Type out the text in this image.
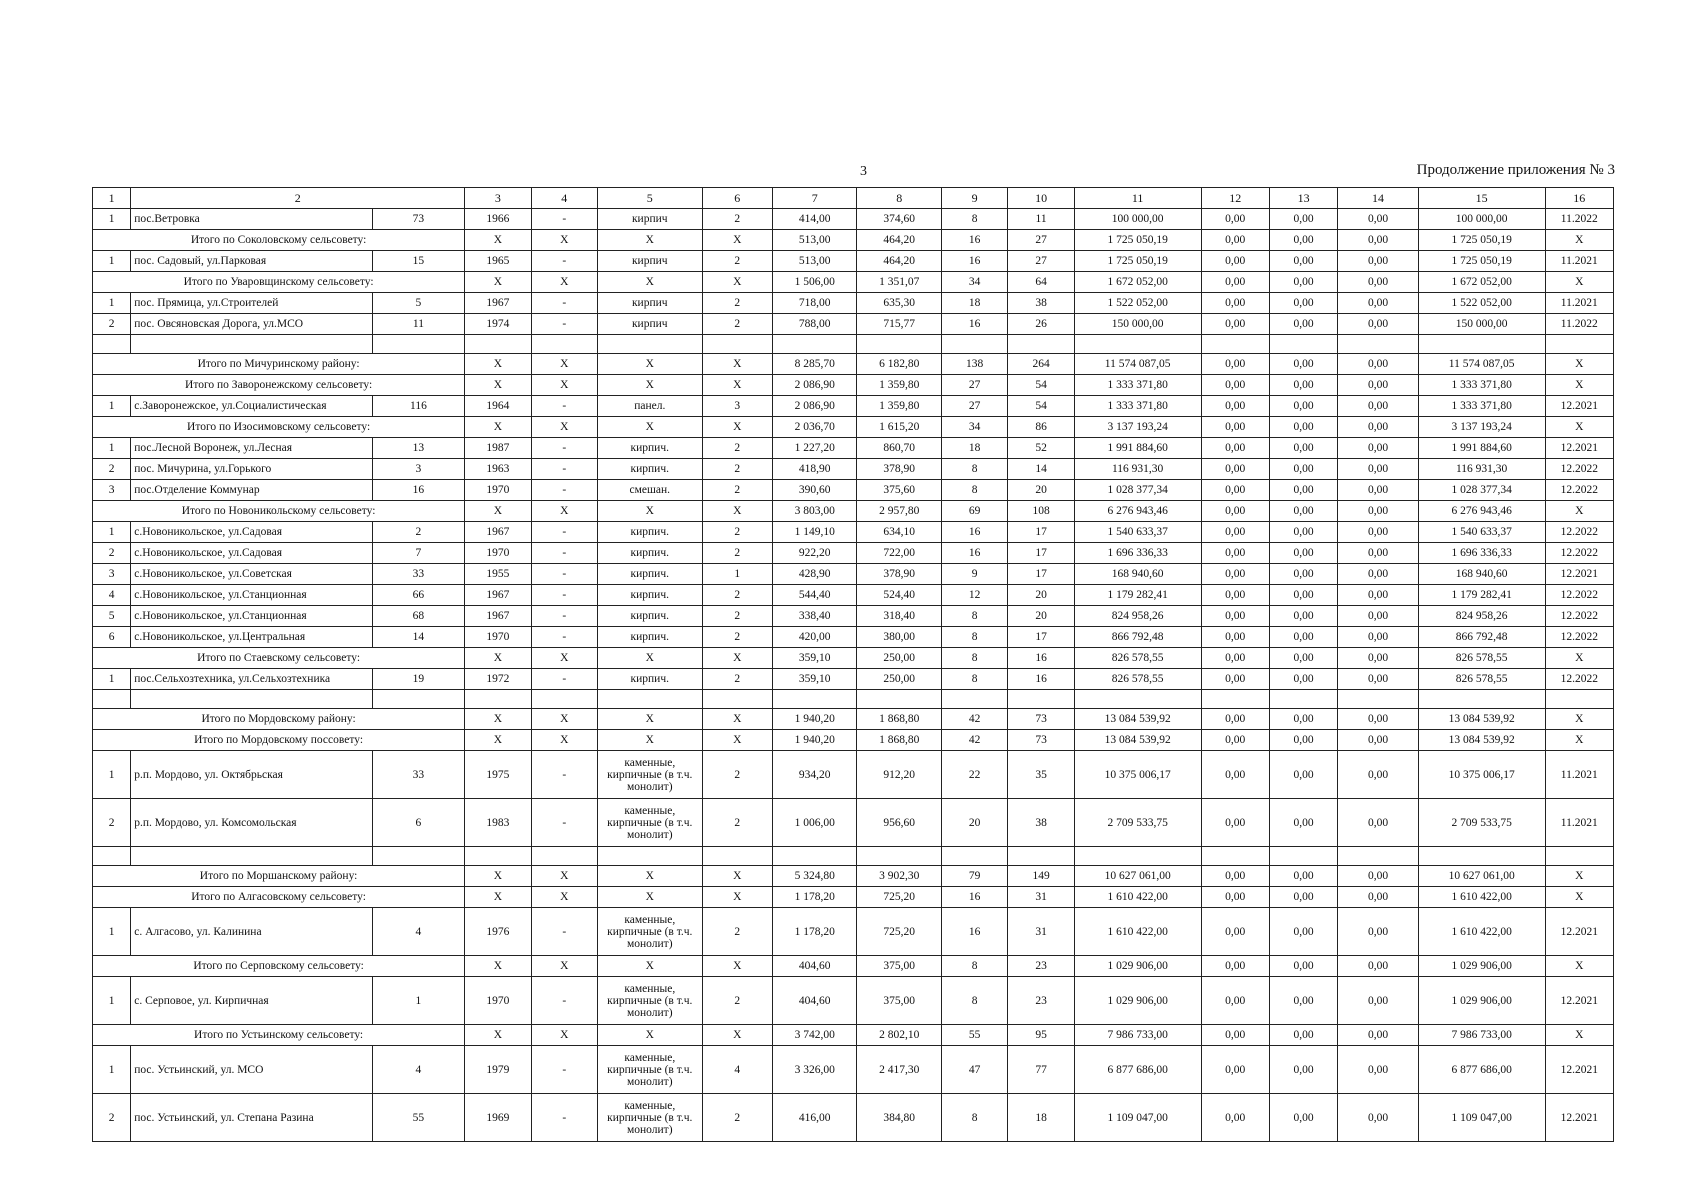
3	Продолжение приложения № 3
1	2		3	4	5	6	7	8	9	10	11	12	13	14	15	16
1	пос.Ветровка	73	1966	-	кирпич	2	414,00	374,60	8	11	100 000,00	0,00	0,00	0,00	100 000,00	11.2022
Итого по Соколовскому сельсовету:			X	X	X	X	513,00	464,20	16	27	1 725 050,19	0,00	0,00	0,00	1 725 050,19	X
1	пос. Садовый, ул.Парковая	15	1965	-	кирпич	2	513,00	464,20	16	27	1 725 050,19	0,00	0,00	0,00	1 725 050,19	11.2021
Итого по Уваровщинскому сельсовету:			X	X	X	X	1 506,00	1 351,07	34	64	1 672 052,00	0,00	0,00	0,00	1 672 052,00	X
1	пос. Прямица, ул.Строителей	5	1967	-	кирпич	2	718,00	635,30	18	38	1 522 052,00	0,00	0,00	0,00	1 522 052,00	11.2021
2	пос. Овсяновская Дорога, ул.МСО	11	1974	-	кирпич	2	788,00	715,77	16	26	150 000,00	0,00	0,00	0,00	150 000,00	11.2022

Итого по Мичуринскому району:			X	X	X	X	8 285,70	6 182,80	138	264	11 574 087,05	0,00	0,00	0,00	11 574 087,05	X
Итого по Заворонежскому сельсовету:			X	X	X	X	2 086,90	1 359,80	27	54	1 333 371,80	0,00	0,00	0,00	1 333 371,80	X
1	с.Заворонежское, ул.Социалистическая	116	1964	-	панел.	3	2 086,90	1 359,80	27	54	1 333 371,80	0,00	0,00	0,00	1 333 371,80	12.2021
Итого по Изосимовскому сельсовету:			X	X	X	X	2 036,70	1 615,20	34	86	3 137 193,24	0,00	0,00	0,00	3 137 193,24	X
1	пос.Лесной Воронеж, ул.Лесная	13	1987	-	кирпич.	2	1 227,20	860,70	18	52	1 991 884,60	0,00	0,00	0,00	1 991 884,60	12.2021
2	пос. Мичурина, ул.Горького	3	1963	-	кирпич.	2	418,90	378,90	8	14	116 931,30	0,00	0,00	0,00	116 931,30	12.2022
3	пос.Отделение Коммунар	16	1970	-	смешан.	2	390,60	375,60	8	20	1 028 377,34	0,00	0,00	0,00	1 028 377,34	12.2022
Итого по Новоникольскому сельсовету:			X	X	X	X	3 803,00	2 957,80	69	108	6 276 943,46	0,00	0,00	0,00	6 276 943,46	X
1	с.Новоникольское, ул.Садовая	2	1967	-	кирпич.	2	1 149,10	634,10	16	17	1 540 633,37	0,00	0,00	0,00	1 540 633,37	12.2022
2	с.Новоникольское, ул.Садовая	7	1970	-	кирпич.	2	922,20	722,00	16	17	1 696 336,33	0,00	0,00	0,00	1 696 336,33	12.2022
3	с.Новоникольское, ул.Советская	33	1955	-	кирпич.	1	428,90	378,90	9	17	168 940,60	0,00	0,00	0,00	168 940,60	12.2021
4	с.Новоникольское, ул.Станционная	66	1967	-	кирпич.	2	544,40	524,40	12	20	1 179 282,41	0,00	0,00	0,00	1 179 282,41	12.2022
5	с.Новоникольское, ул.Станционная	68	1967	-	кирпич.	2	338,40	318,40	8	20	824 958,26	0,00	0,00	0,00	824 958,26	12.2022
6	с.Новоникольское, ул.Центральная	14	1970	-	кирпич.	2	420,00	380,00	8	17	866 792,48	0,00	0,00	0,00	866 792,48	12.2022
Итого по Стаевскому сельсовету:			X	X	X	X	359,10	250,00	8	16	826 578,55	0,00	0,00	0,00	826 578,55	X
1	пос.Сельхозтехника, ул.Сельхозтехника	19	1972	-	кирпич.	2	359,10	250,00	8	16	826 578,55	0,00	0,00	0,00	826 578,55	12.2022

Итого по Мордовскому району:			X	X	X	X	1 940,20	1 868,80	42	73	13 084 539,92	0,00	0,00	0,00	13 084 539,92	X
Итого по Мордовскому поссовету:			X	X	X	X	1 940,20	1 868,80	42	73	13 084 539,92	0,00	0,00	0,00	13 084 539,92	X
1	р.п. Мордово, ул. Октябрьская	33	1975	-	каменные, кирпичные (в т.ч. монолит)	2	934,20	912,20	22	35	10 375 006,17	0,00	0,00	0,00	10 375 006,17	11.2021
2	р.п. Мордово, ул. Комсомольская	6	1983	-	каменные, кирпичные (в т.ч. монолит)	2	1 006,00	956,60	20	38	2 709 533,75	0,00	0,00	0,00	2 709 533,75	11.2021

Итого по Моршанскому району:			X	X	X	X	5 324,80	3 902,30	79	149	10 627 061,00	0,00	0,00	0,00	10 627 061,00	X
Итого по Алгасовскому сельсовету:			X	X	X	X	1 178,20	725,20	16	31	1 610 422,00	0,00	0,00	0,00	1 610 422,00	X
1	с. Алгасово, ул. Калинина	4	1976	-	каменные, кирпичные (в т.ч. монолит)	2	1 178,20	725,20	16	31	1 610 422,00	0,00	0,00	0,00	1 610 422,00	12.2021
Итого по Серповскому сельсовету:			X	X	X	X	404,60	375,00	8	23	1 029 906,00	0,00	0,00	0,00	1 029 906,00	X
1	с. Серповое, ул. Кирпичная	1	1970	-	каменные, кирпичные (в т.ч. монолит)	2	404,60	375,00	8	23	1 029 906,00	0,00	0,00	0,00	1 029 906,00	12.2021
Итого по Устьинскому сельсовету:			X	X	X	X	3 742,00	2 802,10	55	95	7 986 733,00	0,00	0,00	0,00	7 986 733,00	X
1	пос. Устьинский, ул. МСО	4	1979	-	каменные, кирпичные (в т.ч. монолит)	4	3 326,00	2 417,30	47	77	6 877 686,00	0,00	0,00	0,00	6 877 686,00	12.2021
2	пос. Устьинский, ул. Степана Разина	55	1969	-	каменные, кирпичные (в т.ч. монолит)	2	416,00	384,80	8	18	1 109 047,00	0,00	0,00	0,00	1 109 047,00	12.2021
